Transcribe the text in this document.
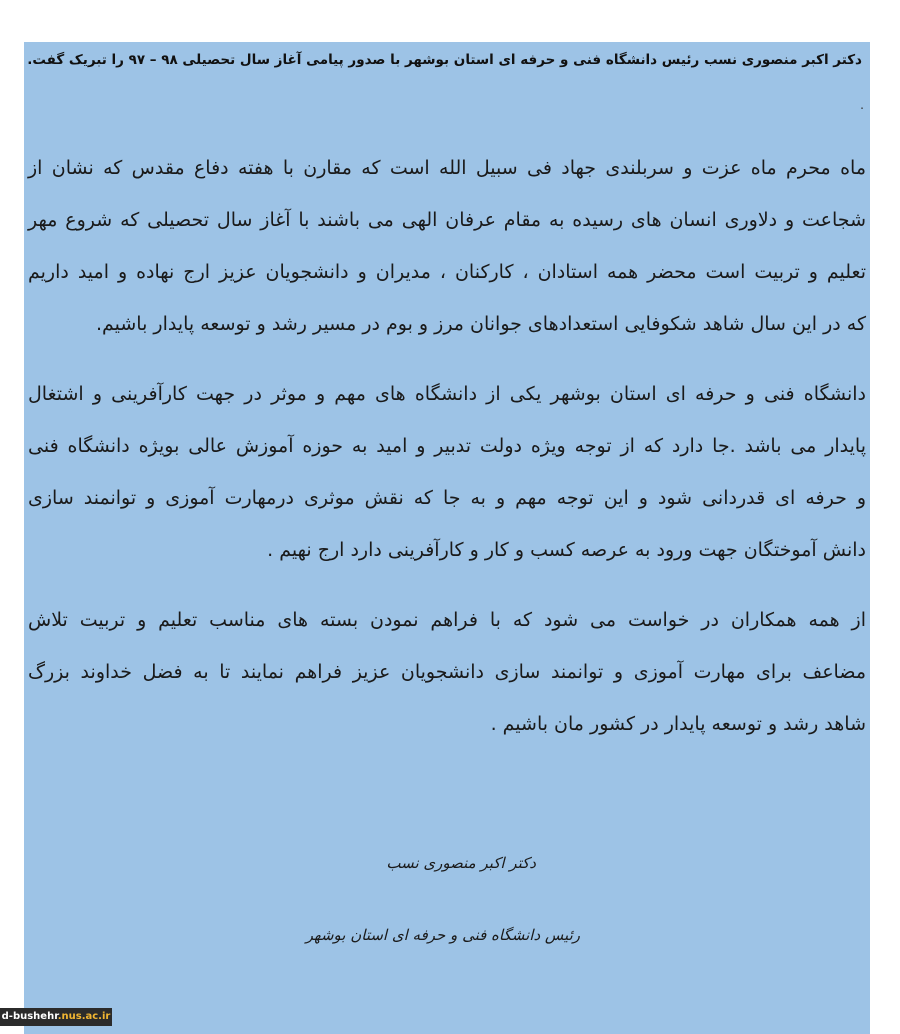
دکتر اکبر منصوری نسب رئیس دانشگاه فنی و حرفه ای استان بوشهر با صدور پیامی آغاز سال تحصیلی ۹۸ – ۹۷ را تبریک گفت.
.
ماه محرم ماه عزت و سربلندی جهاد فی سبیل الله است که مقارن با هفته دفاع مقدس که نشان از
شجاعت و دلاوری انسان های رسیده به مقام عرفان الهی می باشند با آغاز سال تحصیلی که شروع مهر
تعلیم و تربیت است محضر همه استادان ، کارکنان ، مدیران و دانشجویان عزیز ارج نهاده و امید داریم
که در این سال شاهد شکوفایی استعدادهای جوانان مرز و بوم در مسیر رشد و توسعه پایدار باشیم.
دانشگاه فنی و حرفه ای استان بوشهر یکی از دانشگاه های مهم و موثر در جهت کارآفرینی و اشتغال
پایدار می باشد .جا دارد که از توجه ویژه دولت تدبیر و امید به حوزه آموزش عالی بویژه دانشگاه فنی
و حرفه ای قدردانی شود و این توجه مهم و به جا که نقش موثری درمهارت آموزی و توانمند سازی
دانش آموختگان جهت ورود به عرصه کسب و کار و کارآفرینی دارد ارج نهیم .
از همه همکاران در خواست می شود که با فراهم نمودن بسته های مناسب تعلیم و تربیت تلاش
مضاعف برای مهارت آموزی و توانمند سازی دانشجویان عزیز فراهم نمایند تا به فضل خداوند بزرگ
شاهد رشد و توسعه پایدار در کشور مان باشیم .
دکتر اکبر منصوری نسب
رئیس دانشگاه فنی و حرفه ای استان بوشهر
d-bushehr.nus.ac.ir
